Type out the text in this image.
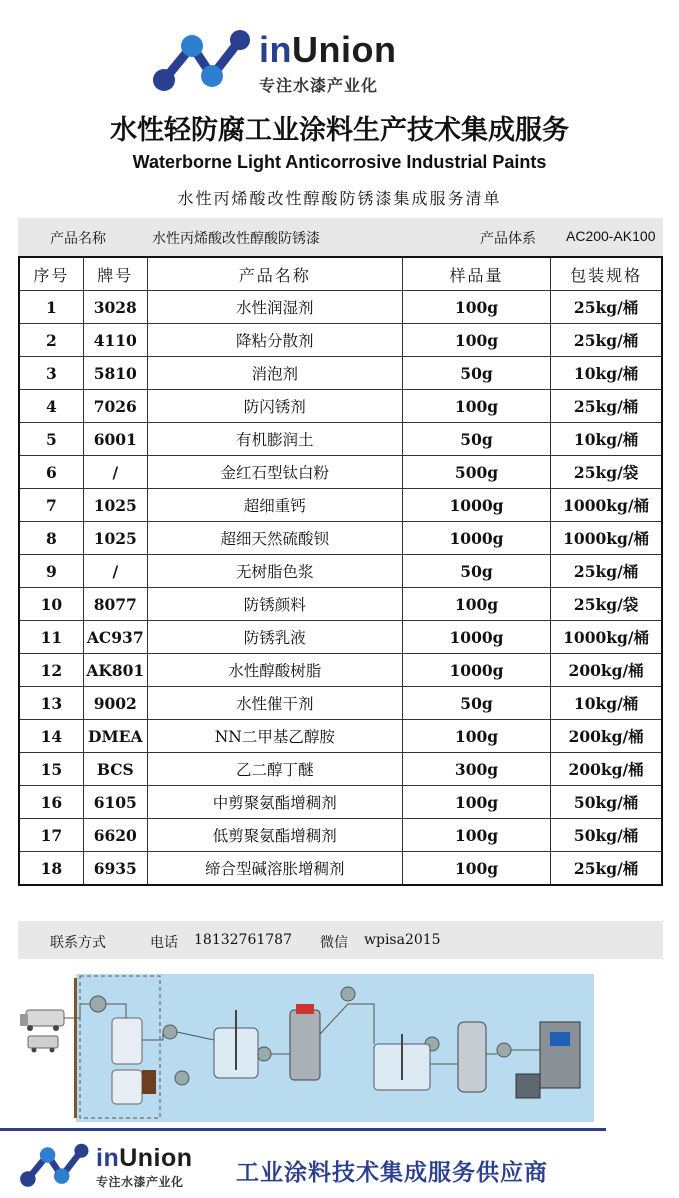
inUnion
专注水漆产业化
水性轻防腐工业涂料生产技术集成服务
Waterborne Light Anticorrosive Industrial Paints
水性丙烯酸改性醇酸防锈漆集成服务清单
产品名称	水性丙烯酸改性醇酸防锈漆	产品体系 AC200-AK100
序号	牌号	产品名称	样品量	包装规格
1	3028	水性润湿剂	100g	25kg/桶
2	4110	降粘分散剂	100g	25kg/桶
3	5810	消泡剂	50g	10kg/桶
4	7026	防闪锈剂	100g	25kg/桶
5	6001	有机膨润土	50g	10kg/桶
6	/	金红石型钛白粉	500g	25kg/袋
7	1025	超细重钙	1000g	1000kg/桶
8	1025	超细天然硫酸钡	1000g	1000kg/桶
9	/	无树脂色浆	50g	25kg/桶
10	8077	防锈颜料	100g	25kg/袋
11	AC937	防锈乳液	1000g	1000kg/桶
12	AK801	水性醇酸树脂	1000g	200kg/桶
13	9002	水性催干剂	50g	10kg/桶
14	DMEA	NN二甲基乙醇胺	100g	200kg/桶
15	BCS	乙二醇丁醚	300g	200kg/桶
16	6105	中剪聚氨酯增稠剂	100g	50kg/桶
17	6620	低剪聚氨酯增稠剂	100g	50kg/桶
18	6935	缔合型碱溶胀增稠剂	100g	25kg/桶
联系方式	电话 18132761787 微信 wpisa2015
inUnion
专注水漆产业化	工业涂料技术集成服务供应商
